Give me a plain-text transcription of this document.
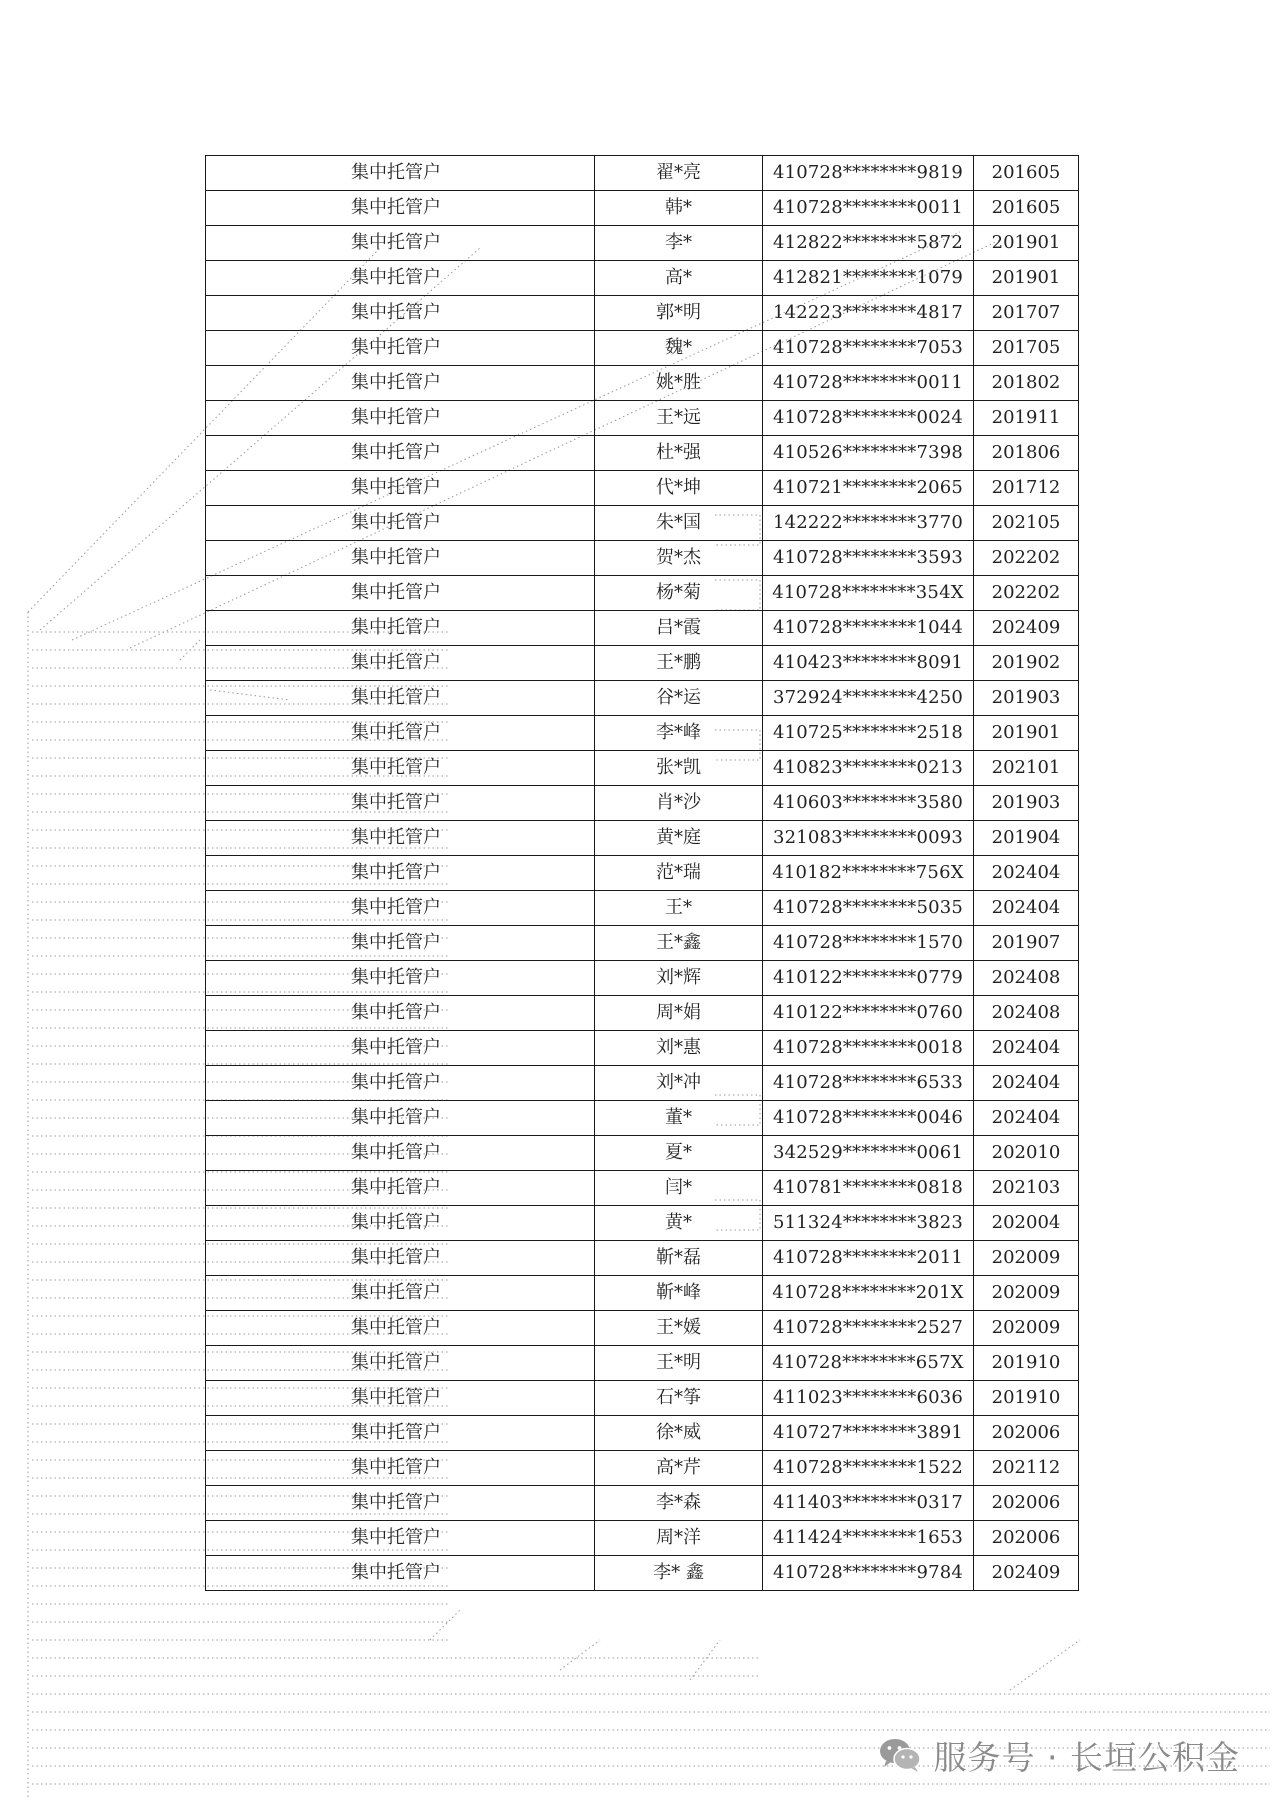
集中托管户	翟*亮	410728********9819	201605
集中托管户	韩*	410728********0011	201605
集中托管户	李*	412822********5872	201901
集中托管户	高*	412821********1079	201901
集中托管户	郭*明	142223********4817	201707
集中托管户	魏*	410728********7053	201705
集中托管户	姚*胜	410728********0011	201802
集中托管户	王*远	410728********0024	201911
集中托管户	杜*强	410526********7398	201806
集中托管户	代*坤	410721********2065	201712
集中托管户	朱*国	142222********3770	202105
集中托管户	贺*杰	410728********3593	202202
集中托管户	杨*菊	410728********354X	202202
集中托管户	吕*霞	410728********1044	202409
集中托管户	王*鹏	410423********8091	201902
集中托管户	谷*运	372924********4250	201903
集中托管户	李*峰	410725********2518	201901
集中托管户	张*凯	410823********0213	202101
集中托管户	肖*沙	410603********3580	201903
集中托管户	黄*庭	321083********0093	201904
集中托管户	范*瑞	410182********756X	202404
集中托管户	王*	410728********5035	202404
集中托管户	王*鑫	410728********1570	201907
集中托管户	刘*辉	410122********0779	202408
集中托管户	周*娟	410122********0760	202408
集中托管户	刘*惠	410728********0018	202404
集中托管户	刘*冲	410728********6533	202404
集中托管户	董*	410728********0046	202404
集中托管户	夏*	342529********0061	202010
集中托管户	闫*	410781********0818	202103
集中托管户	黄*	511324********3823	202004
集中托管户	靳*磊	410728********2011	202009
集中托管户	靳*峰	410728********201X	202009
集中托管户	王*媛	410728********2527	202009
集中托管户	王*明	410728********657X	201910
集中托管户	石*筝	411023********6036	201910
集中托管户	徐*威	410727********3891	202006
集中托管户	高*芹	410728********1522	202112
集中托管户	李*森	411403********0317	202006
集中托管户	周*洋	411424********1653	202006
集中托管户	李* 鑫	410728********9784	202409
服务号 · 长垣公积金
